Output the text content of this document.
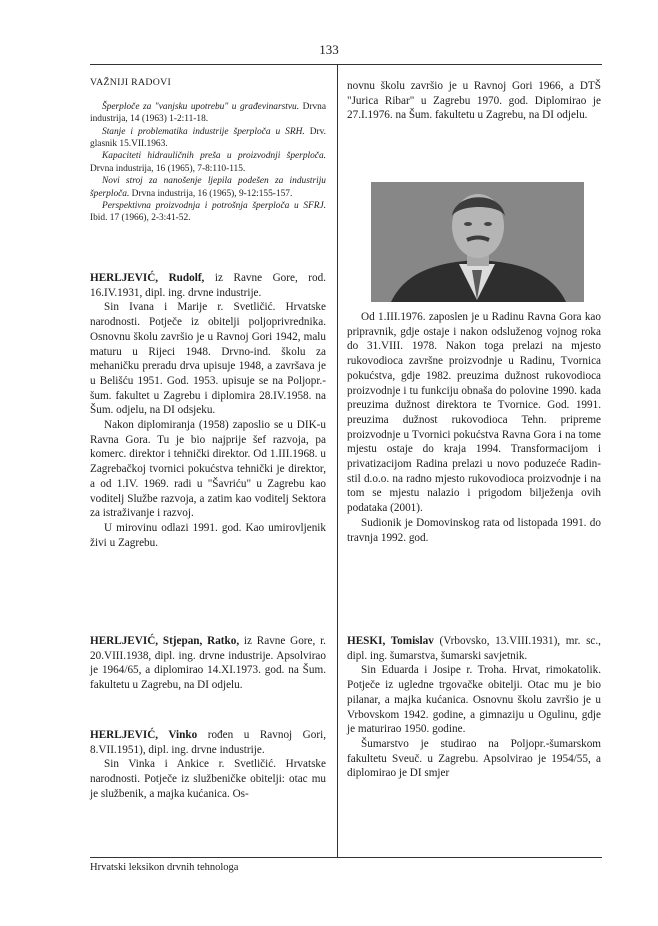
133
VAŽNIJI RADOVI

Šperploče za "vanjsku upotrebu" u građevinarstvu. Drvna industrija, 14 (1963) 1-2:11-18.

Stanje i problematika industrije šperploča u SRH. Drv. glasnik 15.VII.1963.

Kapaciteti hidrauličnih preša u proizvodnji šperploča. Drvna industrija, 16 (1965), 7-8:110-115.

Novi stroj za nanošenje ljepila podešen za industriju šperploča. Drvna industrija, 16 (1965), 9-12:155-157.

Perspektivna proizvodnja i potrošnja šperploča u SFRJ. Ibid. 17 (1966), 2-3:41-52.

HERLJEVIĆ, Rudolf, iz Ravne Gore, rod. 16.IV.1931, dipl. ing. drvne industrije.

Sin Ivana i Marije r. Svetličić. Hrvatske narodnosti. Potječe iz obitelji poljoprivrednika. Osnovnu školu završio je u Ravnoj Gori 1942, malu maturu u Rijeci 1948. Drvno-ind. školu za mehaničku preradu drva upisuje 1948, a završava je u Belišću 1951. God. 1953. upisuje se na Poljopr.-šum. fakultet u Zagrebu i diplomira 28.IV.1958. na Šum. odjelu, na DI odsjeku.

Nakon diplomiranja (1958) zaposlio se u DIK-u Ravna Gora. Tu je bio najprije šef razvoja, pa komerc. direktor i tehnički direktor. Od 1.III.1968. u Zagrebačkoj tvornici pokućstva tehnički je direktor, a od 1.IV. 1969. radi u "Šavriću" u Zagrebu kao voditelj Službe razvoja, a zatim kao voditelj Sektora za istraživanje i razvoj.

U mirovinu odlazi 1991. god. Kao umirovljenik živi u Zagrebu.

HERLJEVIĆ, Stjepan, Ratko, iz Ravne Gore, r. 20.VIII.1938, dipl. ing. drvne industrije. Apsolvirao je 1964/65, a diplomirao 14.XI.1973. god. na Šum. fakultetu u Zagrebu, na DI odjelu.

HERLJEVIĆ, Vinko rođen u Ravnoj Gori, 8.VII.1951), dipl. ing. drvne industrije.

Sin Vinka i Ankice r. Svetličić. Hrvatske narodnosti. Potječe iz službeničke obitelji: otac mu je službenik, a majka kućanica. Os-

novnu školu završio je u Ravnoj Gori 1966, a DTŠ "Jurica Ribar" u Zagrebu 1970. god. Diplomirao je 27.I.1976. na Šum. fakultetu u Zagrebu, na DI odjelu.

Od 1.III.1976. zaposlen je u Radinu Ravna Gora kao pripravnik, gdje ostaje i nakon odsluženog vojnog roka do 31.VIII. 1978. Nakon toga prelazi na mjesto rukovodioca završne proizvodnje u Radinu, Tvornica pokućstva, gdje 1982. preuzima dužnost rukovodioca proizvodnje i tu funkciju obnaša do polovine 1990. kada preuzima dužnost direktora te Tvornice. God. 1991. preuzima dužnost rukovodioca Tehn. pripreme proizvodnje u Tvornici pokućstva Ravna Gora i na tome mjestu ostaje do kraja 1994. Transformacijom i privatizacijom Radina prelazi u novo poduzeće Radin-stil d.o.o. na radno mjesto rukovodioca proizvodnje i na tom se mjestu nalazio i prigodom bilježenja ovih podataka (2001).

Sudionik je Domovinskog rata od listopada 1991. do travnja 1992. god.

HESKI, Tomislav (Vrbovsko, 13.VIII.1931), mr. sc., dipl. ing. šumarstva, šumarski savjetnik.

Sin Eduarda i Josipe r. Troha. Hrvat, rimokatolik. Potječe iz ugledne trgovačke obitelji. Otac mu je bio pilanar, a majka kućanica. Osnovnu školu završio je u Vrbovskom 1942. godine, a gimnaziju u Ogulinu, gdje je maturirao 1950. godine.

Šumarstvo je studirao na Poljopr.-šumarskom fakultetu Sveuč. u Zagrebu. Apsolvirao je 1954/55, a diplomirao je DI smjer

Hrvatski leksikon drvnih tehnologa
